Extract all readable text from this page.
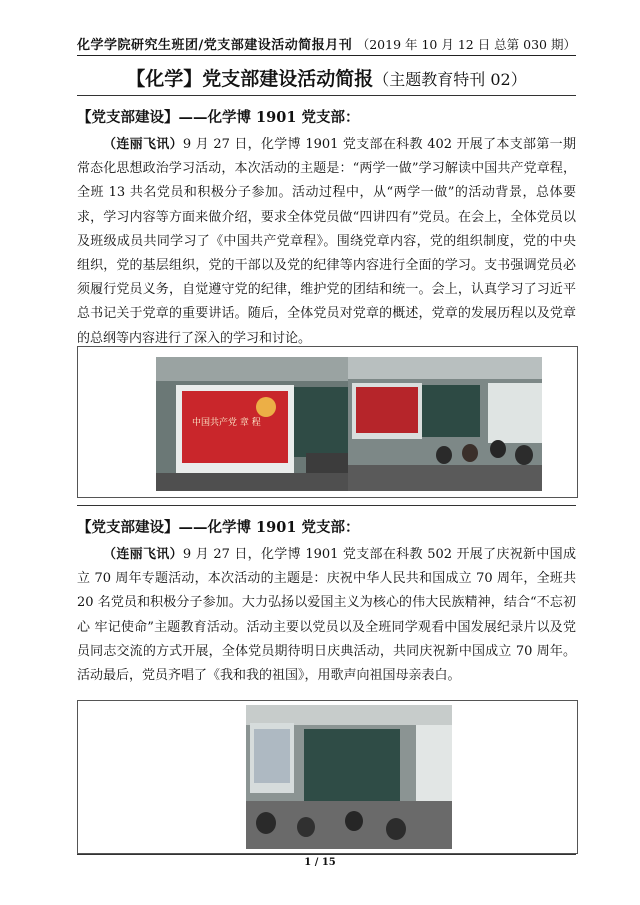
化学学院研究生班团/党支部建设活动简报月刊 （2019 年 10 月 12 日 总第 030 期）
【化学】党支部建设活动简报（主题教育特刊 02）
【党支部建设】——化学博 1901 党支部：
（连丽飞讯）9 月 27 日，化学博 1901 党支部在科教 402 开展了本支部第一期常态化思想政治学习活动，本次活动的主题是：“两学一做”学习解读中国共产党章程，全班 13 共名党员和积极分子参加。活动过程中，从“两学一做”的活动背景，总体要求，学习内容等方面来做介绍，要求全体党员做“四讲四有”党员。在会上，全体党员以及班级成员共同学习了《中国共产党章程》。围绕党章内容，党的组织制度，党的中央组织，党的基层组织，党的干部以及党的纪律等内容进行全面的学习。支书强调党员必须履行党员义务，自觉遵守党的纪律，维护党的团结和统一。会上，认真学习了习近平总书记关于党章的重要讲话。随后，全体党员对党章的概述，党章的发展历程以及党章的总纲等内容进行了深入的学习和讨论。
中国共产党 章 程
【党支部建设】——化学博 1901 党支部：
（连丽飞讯）9 月 27 日，化学博 1901 党支部在科教 502 开展了庆祝新中国成立 70 周年专题活动，本次活动的主题是：庆祝中华人民共和国成立 70 周年，全班共 20 名党员和积极分子参加。大力弘扬以爱国主义为核心的伟大民族精神，结合“不忘初心 牢记使命”主题教育活动。活动主要以党员以及全班同学观看中国发展纪录片以及党员同志交流的方式开展，全体党员期待明日庆典活动，共同庆祝新中国成立 70 周年。活动最后，党员齐唱了《我和我的祖国》，用歌声向祖国母亲表白。
1 / 15
